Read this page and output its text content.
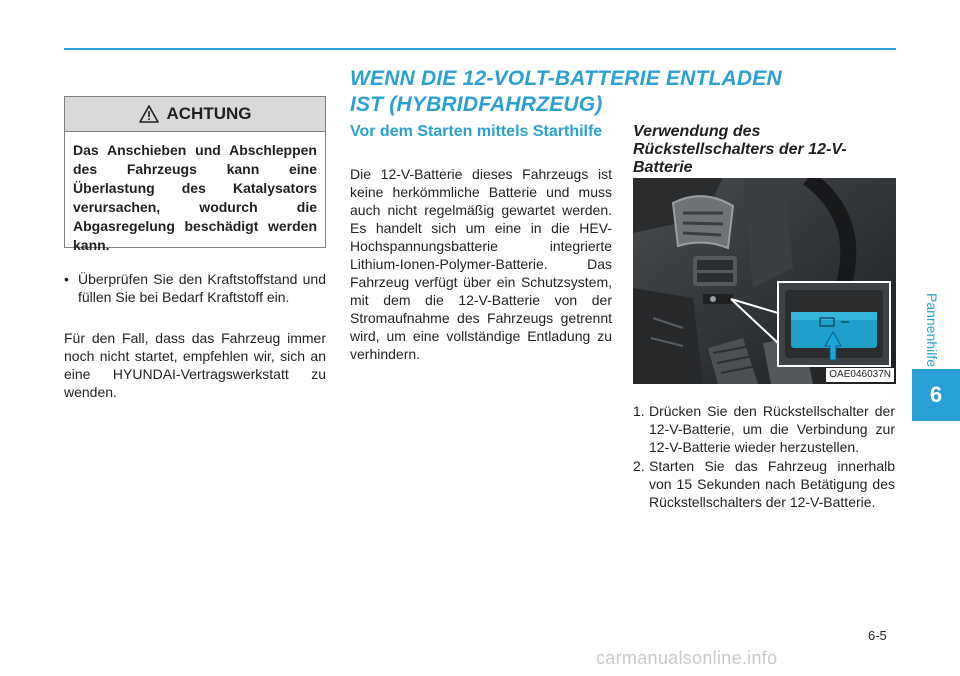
Pannenhilfe
6
WENN DIE 12-VOLT-BATTERIE ENTLADEN IST (HYBRIDFAHRZEUG)
ACHTUNG
Das Anschieben und Abschleppen des Fahrzeugs kann eine Überlastung des Katalysators verursachen, wodurch die Abgasregelung beschädigt werden kann.
• Überprüfen Sie den Kraftstoffstand und füllen Sie bei Bedarf Kraftstoff ein.
Für den Fall, dass das Fahrzeug immer noch nicht startet, empfehlen wir, sich an eine HYUNDAI-Vertragswerkstatt zu wenden.
Vor dem Starten mittels Starthilfe
Die 12-V-Batterie dieses Fahrzeugs ist keine herkömmliche Batterie und muss auch nicht regelmäßig gewartet werden. Es handelt sich um eine in die HEV-Hochspannungsbatterie integrierte Lithium-Ionen-Polymer-Batterie. Das Fahrzeug verfügt über ein Schutzsystem, mit dem die 12-V-Batterie von der Stromaufnahme des Fahrzeugs getrennt wird, um eine vollständige Entladung zu verhindern.
Verwendung des Rückstellschalters der 12-V-Batterie
OAE046037N
1. Drücken Sie den Rückstellschalter der 12-V-Batterie, um die Verbindung zur 12-V-Batterie wieder herzustellen.
2. Starten Sie das Fahrzeug innerhalb von 15 Sekunden nach Betätigung des Rückstellschalters der 12-V-Batterie.
6-5
carmanualsonline.info
